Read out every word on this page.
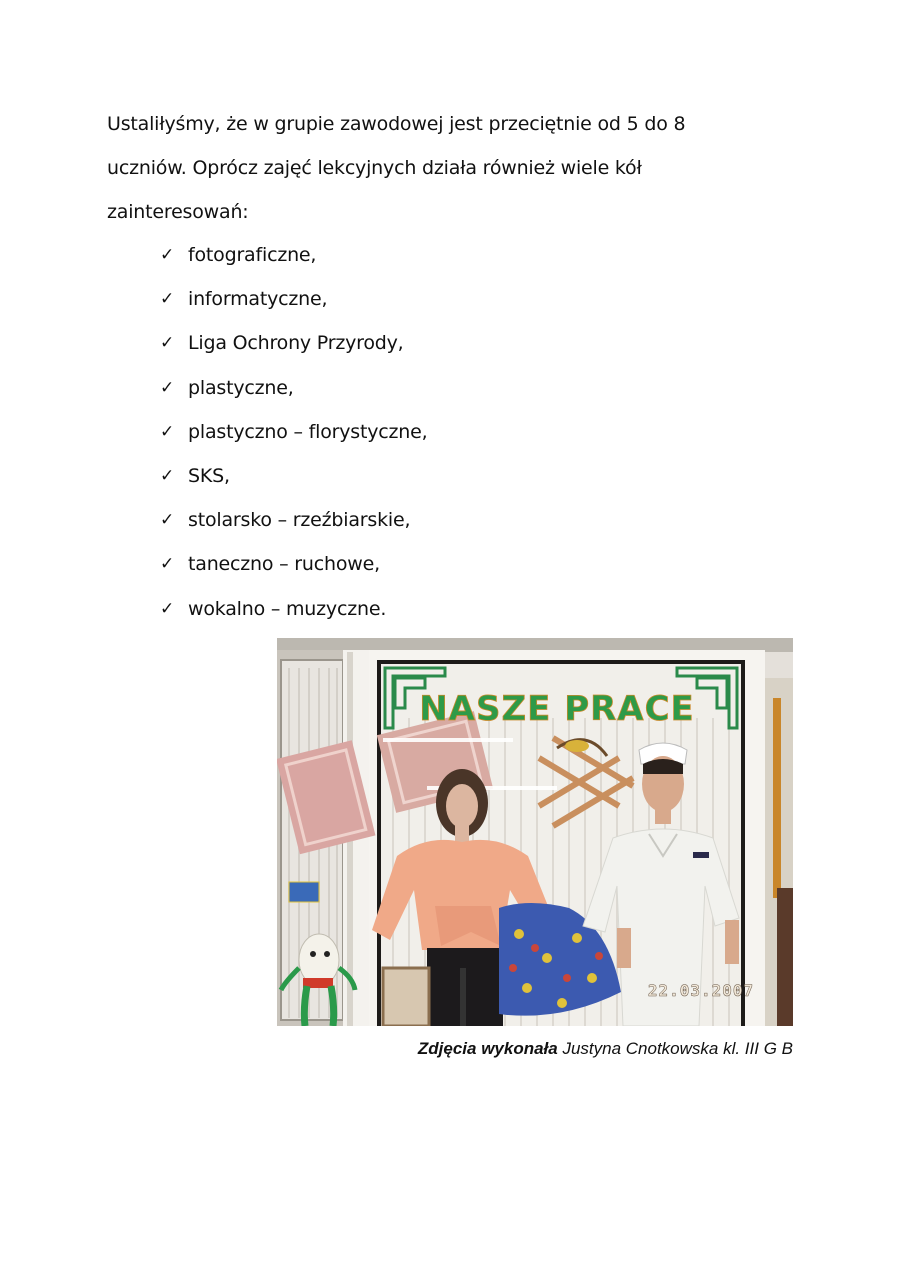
Ustaliłyśmy, że w grupie zawodowej jest przeciętnie od 5 do 8
uczniów. Oprócz zajęć lekcyjnych działa również wiele kół
zainteresowań:
✓ fotograficzne,
✓ informatyczne,
✓ Liga Ochrony Przyrody,
✓ plastyczne,
✓ plastyczno – florystyczne,
✓ SKS,
✓ stolarsko – rzeźbiarskie,
✓ taneczno – ruchowe,
✓ wokalno – muzyczne.
NASZE PRACE
22.03.2007
Zdjęcia wykonała Justyna Cnotkowska kl. III G B
